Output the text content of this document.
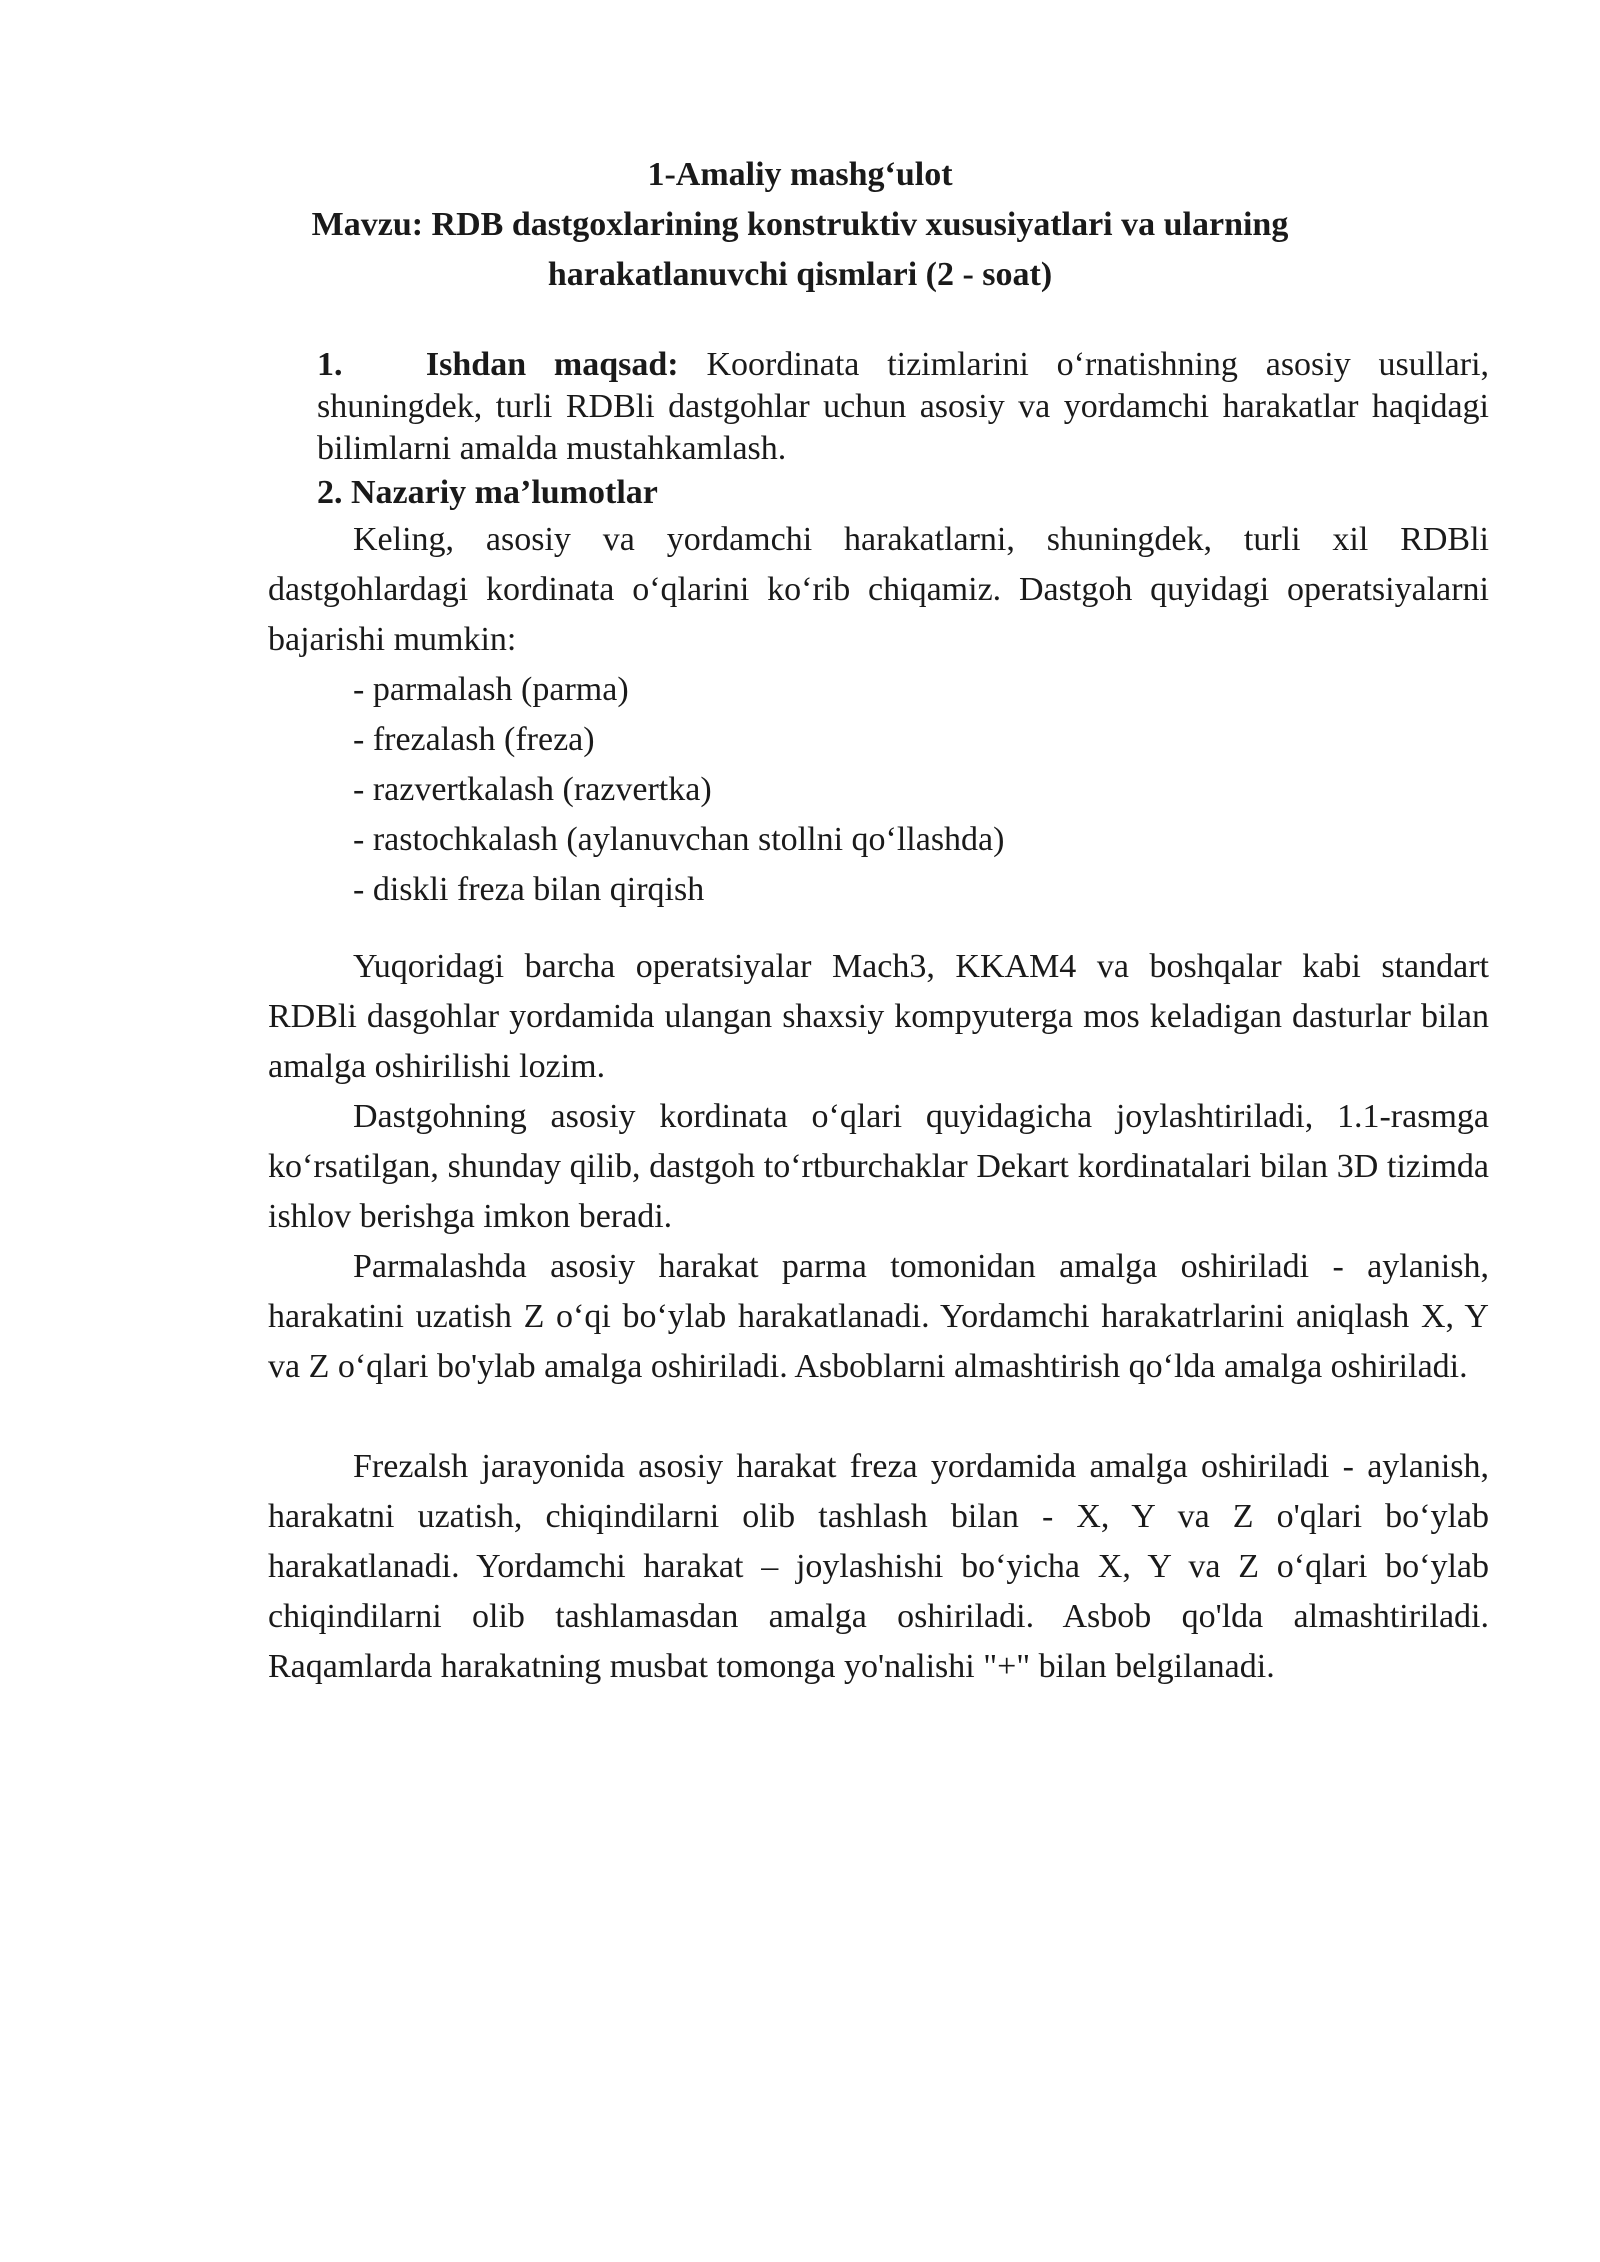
1-Amaliy mashg‘ulot
Mavzu: RDB dastgoxlarining konstruktiv xususiyatlari va ularning
harakatlanuvchi qismlari (2 - soat)
1. Ishdan maqsad: Koordinata tizimlarini o‘rnatishning asosiy usullari, shuningdek, turli RDBli dastgohlar uchun asosiy va yordamchi harakatlar haqidagi bilimlarni amalda mustahkamlash.
2. Nazariy ma’lumotlar
Keling, asosiy va yordamchi harakatlarni, shuningdek, turli xil RDBli dastgohlardagi kordinata o‘qlarini ko‘rib chiqamiz. Dastgoh quyidagi operatsiyalarni bajarishi mumkin:
- parmalash (parma)
- frezalash (freza)
- razvertkalash (razvertka)
- rastochkalash (aylanuvchan stollni qo‘llashda)
- diskli freza bilan qirqish
Yuqoridagi barcha operatsiyalar Mach3, KKAM4 va boshqalar kabi standart RDBli dasgohlar yordamida ulangan shaxsiy kompyuterga mos keladigan dasturlar bilan amalga oshirilishi lozim.
Dastgohning asosiy kordinata o‘qlari quyidagicha joylashtiriladi, 1.1-rasmga ko‘rsatilgan, shunday qilib, dastgoh to‘rtburchaklar Dekart kordinatalari bilan 3D tizimda ishlov berishga imkon beradi.
Parmalashda asosiy harakat parma tomonidan amalga oshiriladi - aylanish, harakatini uzatish Z o‘qi bo‘ylab harakatlanadi. Yordamchi harakatrlarini aniqlash X, Y va Z o‘qlari bo'ylab amalga oshiriladi. Asboblarni almashtirish qo‘lda amalga oshiriladi.
Frezalsh jarayonida asosiy harakat freza yordamida amalga oshiriladi - aylanish, harakatni uzatish, chiqindilarni olib tashlash bilan - X, Y va Z o'qlari bo‘ylab harakatlanadi. Yordamchi harakat – joylashishi bo‘yicha X, Y va Z o‘qlari bo‘ylab chiqindilarni olib tashlamasdan amalga oshiriladi. Asbob qo'lda almashtiriladi. Raqamlarda harakatning musbat tomonga yo'nalishi "+" bilan belgilanadi.
